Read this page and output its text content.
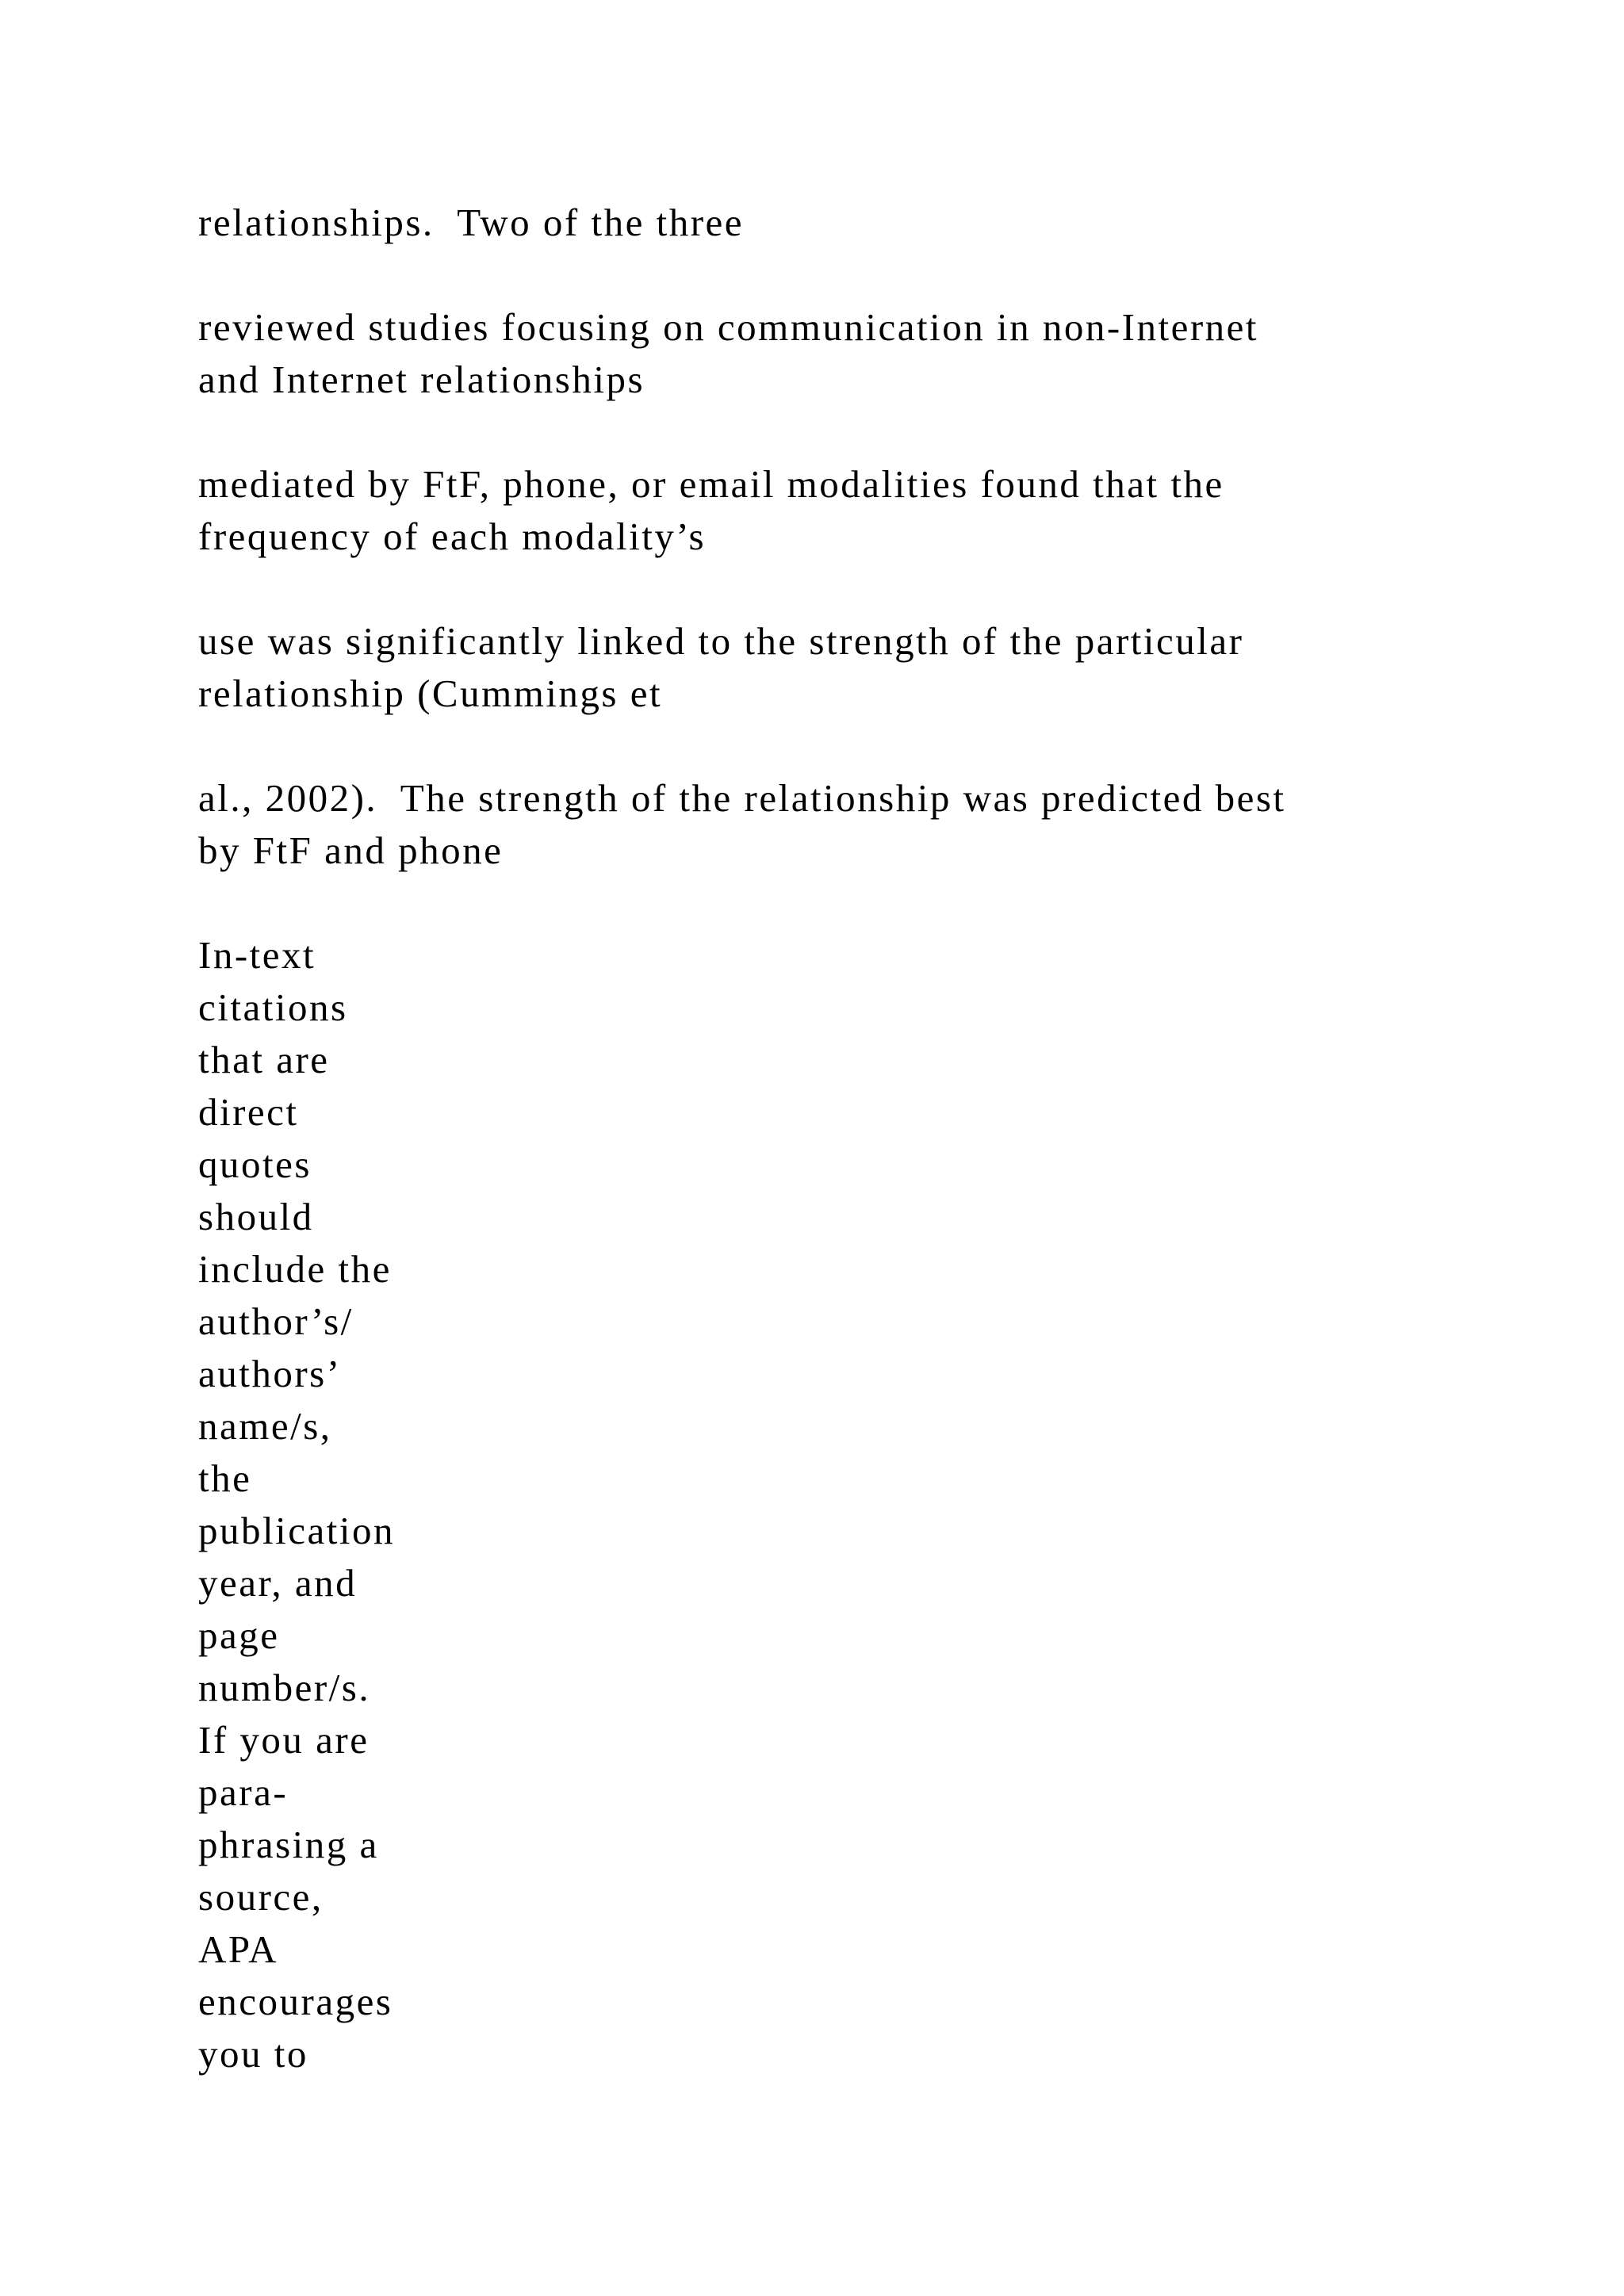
relationships.  Two of the three

reviewed studies focusing on communication in non-Internet
and Internet relationships

mediated by FtF, phone, or email modalities found that the
frequency of each modality’s

use was significantly linked to the strength of the particular
relationship (Cummings et

al., 2002).  The strength of the relationship was predicted best
by FtF and phone

In-text
citations
that are
direct
quotes
should
include the
author’s/
authors’
name/s,
the
publication
year, and
page
number/s.
If you are
para-
phrasing a
source,
APA
encourages
you to
